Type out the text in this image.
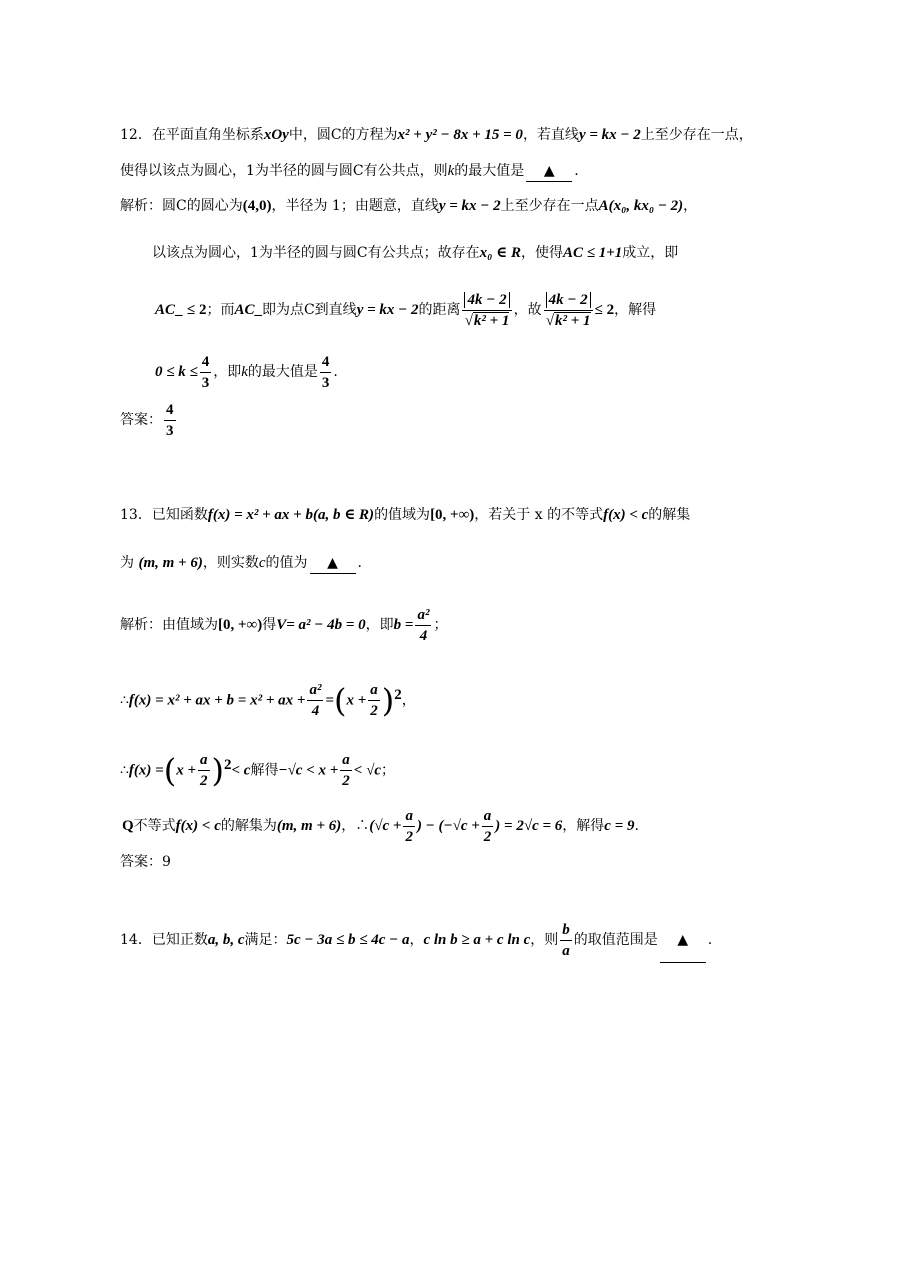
12．在平面直角坐标系xOy中，圆C的方程为x² + y² − 8x + 15 = 0，若直线y = kx − 2上至少存在一点，
使得以该点为圆心，1为半径的圆与圆C有公共点，则k的最大值是 ▲ .
解析：圆C的圆心为(4,0)，半径为 1；由题意，直线y = kx − 2上至少存在一点A(x₀, kx₀ − 2)，
以该点为圆心，1为半径的圆与圆C有公共点；故存在x₀ ∈ R，使得AC ≤ 1+1成立，即
AC_ ≤ 2；而AC_即为点C到直线y = kx − 2的距离 $\frac{4k - 2}{\text{√k² + 1}}$ ，故 $\frac{4k - 2}{\text{√k² + 1}} \le 2$，解得
$0 \le k \le \frac{4}{3}$ ，即k的最大值是 $\frac{4}{3}$ .
答案： $\frac{4}{3}$
13．已知函数f(x) = x² + ax + b(a, b ∈ R)的值域为[0, +∞)，若关于 x 的不等式f(x) < c的解集
为 (m, m + 6)，则实数c的值为 ▲ .
解析：由值域为[0, +∞)得V= a² − 4b = 0，即$b = \frac{\text{a²}}{4}$ ；
∴f(x) = x² + ax + b = x² + ax + $\frac{\text{a²}}{4} =(x + \frac{a}{2} )^2$，
∴f(x) $=(x + \frac{a}{2} )^2< c$解得$-√c < x + \frac{a}{2} < √c$；
Q不等式f(x) < c的解集为(m, m + 6)，∴(√c + $\frac{a}{2}$ ) − ($-√c + \frac{a}{2}$ ) = 2√c = 6，解得c = 9.
答案：9
14．已知正数a, b, c满足：5c − 3a ≤ b ≤ 4c − a，c ln b ≥ a + c ln c，则 $\frac{b}{a}$ 的取值范围是 ▲ .
